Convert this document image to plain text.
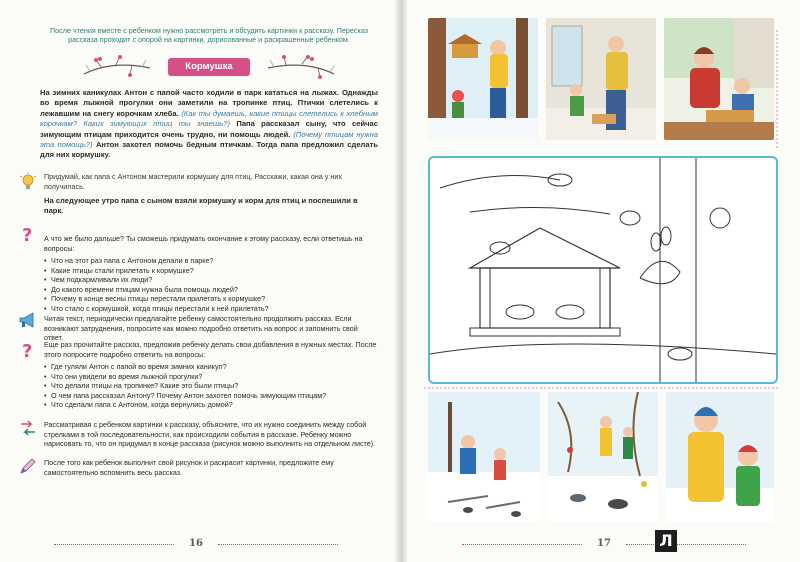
После чтения вместе с ребенком нужно рассмотреть и обсудить картинки к рассказу. Пересказ рассказа проходит с опорой на картинки, дорисованные и раскрашенные ребенком.

Кормушка

На зимних каникулах Антон с папой часто ходили в парк кататься на лыжах. Однажды во время лыжной прогулки они заметили на тропинке птиц. Птички слетелись к лежавшим на снегу корочкам хлеба. (Как ты думаешь, какие птицы слетелись к хлебным корочкам? Каких зимующих птиц ты знаешь?) Папа рассказал сыну, что сейчас зимующим птицам приходится очень трудно, ни помощь людей. (Почему птицам нужна эта помощь?) Антон захотел помочь бедным птичкам. Тогда папа предложил сделать для них кормушку.

Придумай, как папа с Антоном мастерили кормушку для птиц. Расскажи, какая она у них получилась.

На следующее утро папа с сыном взяли кормушку и корм для птиц и поспешили в парк.

? А что же было дальше? Ты сможешь придумать окончание к этому рассказу, если ответишь на вопросы:

• Что на этот раз папа с Антоном делали в парке?
• Какие птицы стали прилетать к кормушке?
• Чем подкармливали их люди?
• До какого времени птицам нужна была помощь людей?
• Почему в конце весны птицы перестали прилетать к кормушке?
• Что стало с кормушкой, когда птицы перестали к ней прилетать?

Читая текст, периодически предлагайте ребенку самостоятельно продолжить рассказ. Если возникают затруднения, попросите как можно подробно ответить на вопрос и запомнить свой ответ.

? Еще раз прочитайте рассказ, предложив ребенку делать свои добавления в нужных местах. После этого попросите подробно ответить на вопросы:

• Где гуляли Антон с папой во время зимних каникул?
• Что они увидели во время лыжной прогулки?
• Что делали птицы на тропинке? Какие это были птицы?
• О чем папа рассказал Антону? Почему Антон захотел помочь зимующим птицам?
• Что сделали папа с Антоном, когда вернулись домой?

Рассматривая с ребенком картинки к рассказу, объясните, что их нужно соединить между собой стрелками в той последовательности, как происходили события в рассказе. Ребенку можно нарисовать то, что он придумал в конце рассказа (рисунок можно выполнить на отдельном листе).

После того как ребенок выполнит свой рисунок и раскрасит картинки, предложите ему самостоятельно вспомнить весь рассказ.

16	17	Л
